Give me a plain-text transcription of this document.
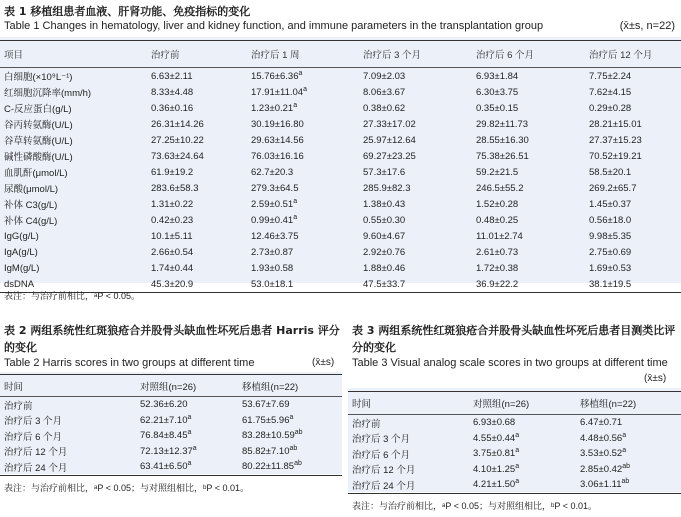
表 1 移植组患者血液、肝肾功能、免疫指标的变化
Table 1 Changes in hematology, liver and kidney function, and immune parameters in the transplantation group	(x̄±s, n=22)
项目	治疗前	治疗后 1 周	治疗后 3 个月	治疗后 6 个月	治疗后 12 个月
白细胞(×10⁹L⁻¹)	6.63±2.11	15.76±6.36$^a$	7.09±2.03	6.93±1.84	7.75±2.24
红细胞沉降率(mm/h)	8.33±4.48	17.91±11.04$^a$	8.06±3.67	6.30±3.75	7.62±4.15
C-反应蛋白(g/L)	0.36±0.16	1.23±0.21$^a$	0.38±0.62	0.35±0.15	0.29±0.28
谷丙转氨酶(U/L)	26.31±14.26	30.19±16.80	27.33±17.02	29.82±11.73	28.21±15.01
谷草转氨酶(U/L)	27.25±10.22	29.63±14.56	25.97±12.64	28.55±16.30	27.37±15.23
碱性磷酸酶(U/L)	73.63±24.64	76.03±16.16	69.27±23.25	75.38±26.51	70.52±19.21
血肌酐(μmol/L)	61.9±19.2	62.7±20.3	57.3±17.6	59.2±21.5	58.5±20.1
尿酸(μmol/L)	283.6±58.3	279.3±64.5	285.9±82.3	246.5±55.2	269.2±65.7
补体 C3(g/L)	1.31±0.22	2.59±0.51$^a$	1.38±0.43	1.52±0.28	1.45±0.37
补体 C4(g/L)	0.42±0.23	0.99±0.41$^a$	0.55±0.30	0.48±0.25	0.56±18.0
IgG(g/L)	10.1±5.11	12.46±3.75	9.60±4.67	11.01±2.74	9.98±5.35
IgA(g/L)	2.66±0.54	2.73±0.87	2.92±0.76	2.61±0.73	2.75±0.69
IgM(g/L)	1.74±0.44	1.93±0.58	1.88±0.46	1.72±0.38	1.69±0.53
dsDNA	45.3±20.9	53.0±18.1	47.5±33.7	36.9±22.2	38.1±19.5
表注：与治疗前相比，ᵃP < 0.05。
表 2 两组系统性红斑狼疮合并股骨头缺血性坏死后患者 Harris 评分的变化
Table 2 Harris scores in two groups at different time	(x̄±s)
时间	对照组(n=26)	移植组(n=22)
治疗前	52.36±6.20	53.67±7.69
治疗后 3 个月	62.21±7.10$^a$	61.75±5.96$^a$
治疗后 6 个月	76.84±8.45$^a$	83.28±10.59$^{ab}$
治疗后 12 个月	72.13±12.37$^a$	85.82±7.10$^{ab}$
治疗后 24 个月	63.41±6.50$^a$	80.22±11.85$^{ab}$
表注：与治疗前相比，ᵃP < 0.05；与对照组相比，ᵇP < 0.01。
表 3 两组系统性红斑狼疮合并股骨头缺血性坏死后患者目测类比评分的变化
Table 3 Visual analog scale scores in two groups at different time
(x̄±s)
时间	对照组(n=26)	移植组(n=22)
治疗前	6.93±0.68	6.47±0.71
治疗后 3 个月	4.55±0.44$^a$	4.48±0.56$^a$
治疗后 6 个月	3.75±0.81$^a$	3.53±0.52$^a$
治疗后 12 个月	4.10±1.25$^a$	2.85±0.42$^{ab}$
治疗后 24 个月	4.21±1.50$^a$	3.06±1.11$^{ab}$
表注：与治疗前相比，ᵃP < 0.05；与对照组相比，ᵇP < 0.01。
